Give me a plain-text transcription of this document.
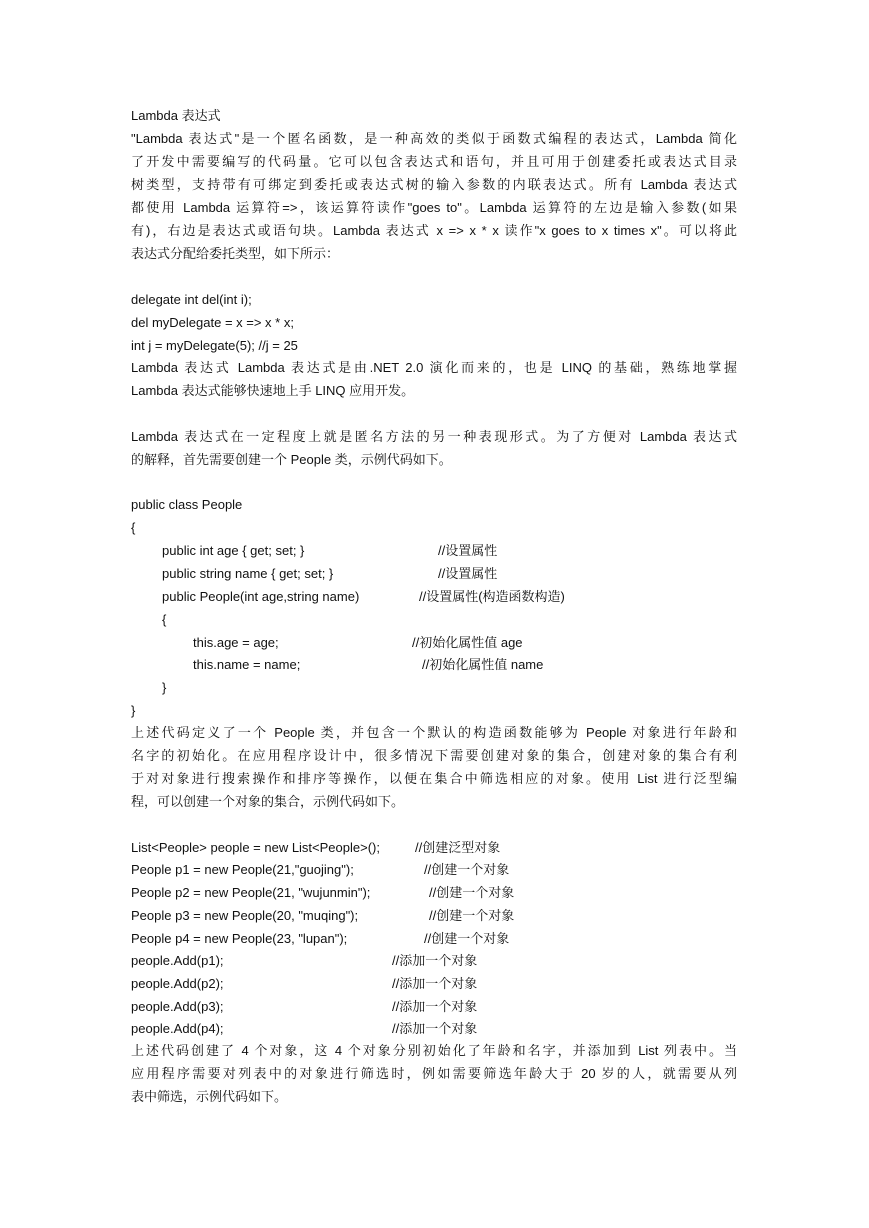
Lambda 表达式
"Lambda 表达式"是一个匿名函数，是一种高效的类似于函数式编程的表达式，Lambda 简化
了开发中需要编写的代码量。它可以包含表达式和语句，并且可用于创建委托或表达式目录
树类型，支持带有可绑定到委托或表达式树的输入参数的内联表达式。所有 Lambda 表达式
都使用 Lambda 运算符=>，该运算符读作"goes to"。Lambda 运算符的左边是输入参数(如果
有)，右边是表达式或语句块。Lambda 表达式 x => x * x 读作"x goes to x times x"。可以将此
表达式分配给委托类型，如下所示：
delegate int del(int i);
del myDelegate = x => x * x;
int j = myDelegate(5); //j = 25
Lambda 表达式 Lambda 表达式是由.NET 2.0 演化而来的，也是 LINQ 的基础，熟练地掌握
Lambda 表达式能够快速地上手 LINQ 应用开发。
Lambda 表达式在一定程度上就是匿名方法的另一种表现形式。为了方便对 Lambda 表达式
的解释，首先需要创建一个 People 类，示例代码如下。
public class People
{
public int age { get; set; }	//设置属性
public string name { get; set; }	//设置属性
public People(int age,string name)	//设置属性(构造函数构造)
{
this.age = age;	//初始化属性值 age
this.name = name;	//初始化属性值 name
}
}
上述代码定义了一个 People 类，并包含一个默认的构造函数能够为 People 对象进行年龄和
名字的初始化。在应用程序设计中，很多情况下需要创建对象的集合，创建对象的集合有利
于对对象进行搜索操作和排序等操作，以便在集合中筛选相应的对象。使用 List 进行泛型编
程，可以创建一个对象的集合，示例代码如下。
List<People> people = new List<People>();	//创建泛型对象
People p1 = new People(21,"guojing");	//创建一个对象
People p2 = new People(21, "wujunmin");	//创建一个对象
People p3 = new People(20, "muqing");	//创建一个对象
People p4 = new People(23, "lupan");	//创建一个对象
people.Add(p1);	//添加一个对象
people.Add(p2);	//添加一个对象
people.Add(p3);	//添加一个对象
people.Add(p4);	//添加一个对象
上述代码创建了 4 个对象，这 4 个对象分别初始化了年龄和名字，并添加到 List 列表中。当
应用程序需要对列表中的对象进行筛选时，例如需要筛选年龄大于 20 岁的人，就需要从列
表中筛选，示例代码如下。
